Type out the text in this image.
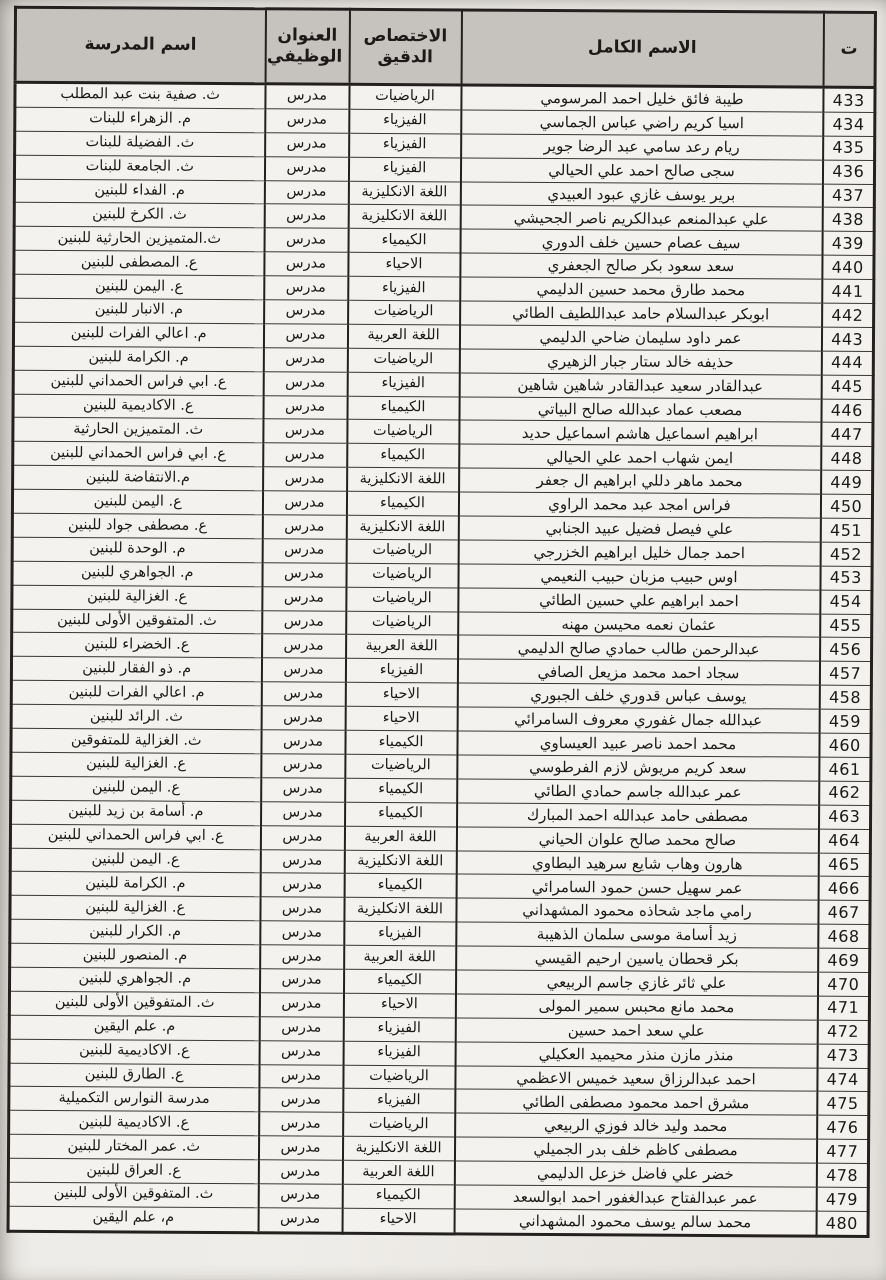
ت	الاسم الكامل	الاختصاص الدقيق	العنوان الوظيفي	اسم المدرسة
433	طيبة فائق خليل احمد المرسومي	الرياضيات	مدرس	ث. صفية بنت عبد المطلب
434	اسيا كريم راضي عباس الجماسي	الفيزياء	مدرس	م. الزهراء للبنات
435	ريام رعد سامي عبد الرضا جوير	الفيزياء	مدرس	ث. الفضيلة للبنات
436	سجى صالح احمد علي الحيالي	الفيزياء	مدرس	ث. الجامعة للبنات
437	برير يوسف غازي عبود العبيدي	اللغة الانكليزية	مدرس	م. الفداء للبنين
438	علي عبدالمنعم عبدالكريم ناصر الجحيشي	اللغة الانكليزية	مدرس	ث. الكرخ للبنين
439	سيف عصام حسين خلف الدوري	الكيمياء	مدرس	ث.المتميزين الحارثية للبنين
440	سعد سعود بكر صالح الجعفري	الاحياء	مدرس	ع. المصطفى للبنين
441	محمد طارق محمد حسين الدليمي	الفيزياء	مدرس	ع. اليمن للبنين
442	ابوبكر عبدالسلام حامد عبداللطيف الطائي	الرياضيات	مدرس	م. الانبار للبنين
443	عمر داود سليمان ضاحي الدليمي	اللغة العربية	مدرس	م. اعالي الفرات للبنين
444	حذيفه خالد ستار جبار الزهيري	الرياضيات	مدرس	م. الكرامة للبنين
445	عبدالقادر سعيد عبدالقادر شاهين شاهين	الفيزياء	مدرس	ع. ابي فراس الحمداني للبنين
446	مصعب عماد عبدالله صالح البياتي	الكيمياء	مدرس	ع. الاكاديمية للبنين
447	ابراهيم اسماعيل هاشم اسماعيل حديد	الرياضيات	مدرس	ث. المتميزين الحارثية
448	ايمن شهاب احمد علي الحيالي	الكيمياء	مدرس	ع. ابي فراس الحمداني للبنين
449	محمد ماهر دللي ابراهيم ال جعفر	اللغة الانكليزية	مدرس	م.الانتفاضة للبنين
450	فراس امجد عبد محمد الراوي	الكيمياء	مدرس	ع. اليمن للبنين
451	علي فيصل فضيل عبيد الجنابي	اللغة الانكليزية	مدرس	ع. مصطفى جواد للبنين
452	احمد جمال خليل ابراهيم الخزرجي	الرياضيات	مدرس	م. الوحدة للبنين
453	اوس حبيب مزبان حبيب النعيمي	الرياضيات	مدرس	م. الجواهري للبنين
454	احمد ابراهيم علي حسين الطائي	الرياضيات	مدرس	ع. الغزالية للبنين
455	عثمان نعمه محيسن مهنه	الرياضيات	مدرس	ث. المتفوقين الأولى للبنين
456	عبدالرحمن طالب حمادي صالح الدليمي	اللغة العربية	مدرس	ع. الخضراء للبنين
457	سجاد احمد محمد مزيعل الصافي	الفيزياء	مدرس	م. ذو الفقار للبنين
458	يوسف عباس قدوري خلف الجبوري	الاحياء	مدرس	م. اعالي الفرات للبنين
459	عبدالله جمال غفوري معروف السامرائي	الاحياء	مدرس	ث. الرائد للبنين
460	محمد احمد ناصر عبيد العيساوي	الكيمياء	مدرس	ث. الغزالية للمتفوقين
461	سعد كريم مريوش لازم الفرطوسي	الرياضيات	مدرس	ع. الغزالية للبنين
462	عمر عبدالله جاسم حمادي الطائي	الكيمياء	مدرس	ع. اليمن للبنين
463	مصطفى حامد عبدالله احمد المبارك	الكيمياء	مدرس	م. أسامة بن زيد للبنين
464	صالح محمد صالح علوان الحياني	اللغة العربية	مدرس	ع. ابي فراس الحمداني للبنين
465	هارون وهاب شايع سرهيد البطاوي	اللغة الانكليزية	مدرس	ع. اليمن للبنين
466	عمر سهيل حسن حمود السامرائي	الكيمياء	مدرس	م. الكرامة للبنين
467	رامي ماجد شحاذه محمود المشهداني	اللغة الانكليزية	مدرس	ع. الغزالية للبنين
468	زيد أسامة موسى سلمان الذهيبة	الفيزياء	مدرس	م. الكرار للبنين
469	بكر قحطان ياسين ارحيم القيسي	اللغة العربية	مدرس	م. المنصور للبنين
470	علي ثائر غازي جاسم الربيعي	الكيمياء	مدرس	م. الجواهري للبنين
471	محمد مانع محبس سمير المولى	الاحياء	مدرس	ث. المتفوقين الأولى للبنين
472	علي سعد احمد حسين	الفيزياء	مدرس	م. علم اليقين
473	منذر مازن منذر محيميد العكيلي	الفيزياء	مدرس	ع. الاكاديمية للبنين
474	احمد عبدالرزاق سعيد خميس الاعظمي	الرياضيات	مدرس	ع. الطارق للبنين
475	مشرق احمد محمود مصطفى الطائي	الفيزياء	مدرس	مدرسة النوارس التكميلية
476	محمد وليد خالد فوزي الربيعي	الرياضيات	مدرس	ع. الاكاديمية للبنين
477	مصطفى كاظم خلف بدر الجميلي	اللغة الانكليزية	مدرس	ث. عمر المختار للبنين
478	خضر علي فاضل خزعل الدليمي	اللغة العربية	مدرس	ع. العراق للبنين
479	عمر عبدالفتاح عبدالغفور احمد ابوالسعد	الكيمياء	مدرس	ث. المتفوقين الأولى للبنين
480	محمد سالم يوسف محمود المشهداني	الاحياء	مدرس	م، علم اليقين
